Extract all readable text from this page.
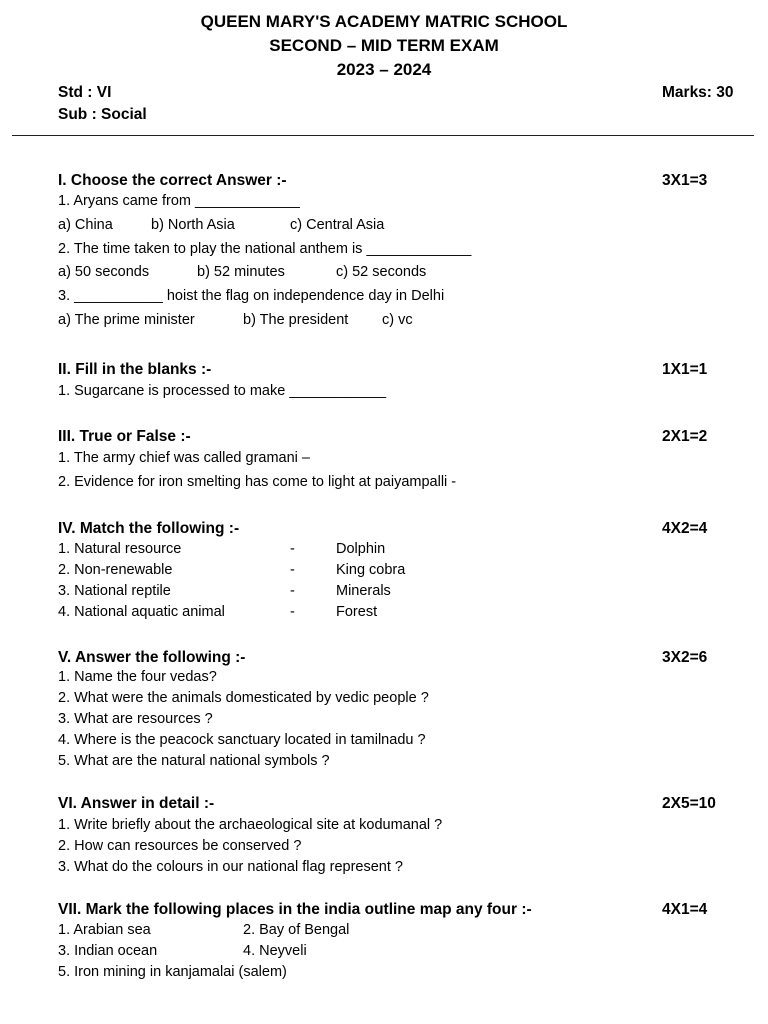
QUEEN MARY'S ACADEMY MATRIC SCHOOL
SECOND – MID TERM EXAM
2023 – 2024
Std : VI	Marks: 30
Sub : Social
I. Choose the correct Answer :-	3X1=3
1. Aryans came from _____________
a) China	b) North Asia	c) Central Asia
2. The time taken to play the national anthem is _____________
a) 50 seconds	b) 52 minutes	c) 52 seconds
3. ___________ hoist the flag on independence day in Delhi
a) The prime minister	b) The president c) vc
II. Fill in the blanks :-	1X1=1
1. Sugarcane is processed to make ____________
III. True or False :-	2X1=2
1. The army chief was called gramani –
2. Evidence for iron smelting has come to light at paiyampalli -
IV. Match the following :-	4X2=4
1. Natural resource	-	Dolphin
2. Non-renewable	-	King cobra
3. National reptile	-	Minerals
4. National aquatic animal	-	Forest
V. Answer the following :-	3X2=6
1. Name the four vedas?
2. What were the animals domesticated by vedic people ?
3. What are resources ?
4. Where is the peacock sanctuary located in tamilnadu ?
5. What are the natural national symbols ?
VI. Answer in detail :-	2X5=10
1. Write briefly about the archaeological site at kodumanal ?
2. How can resources be conserved ?
3. What do the colours in our national flag represent ?
VII. Mark the following places in the india outline map any four :-	4X1=4
1. Arabian sea	2. Bay of Bengal
3. Indian ocean	4. Neyveli
5. Iron mining in kanjamalai (salem)
